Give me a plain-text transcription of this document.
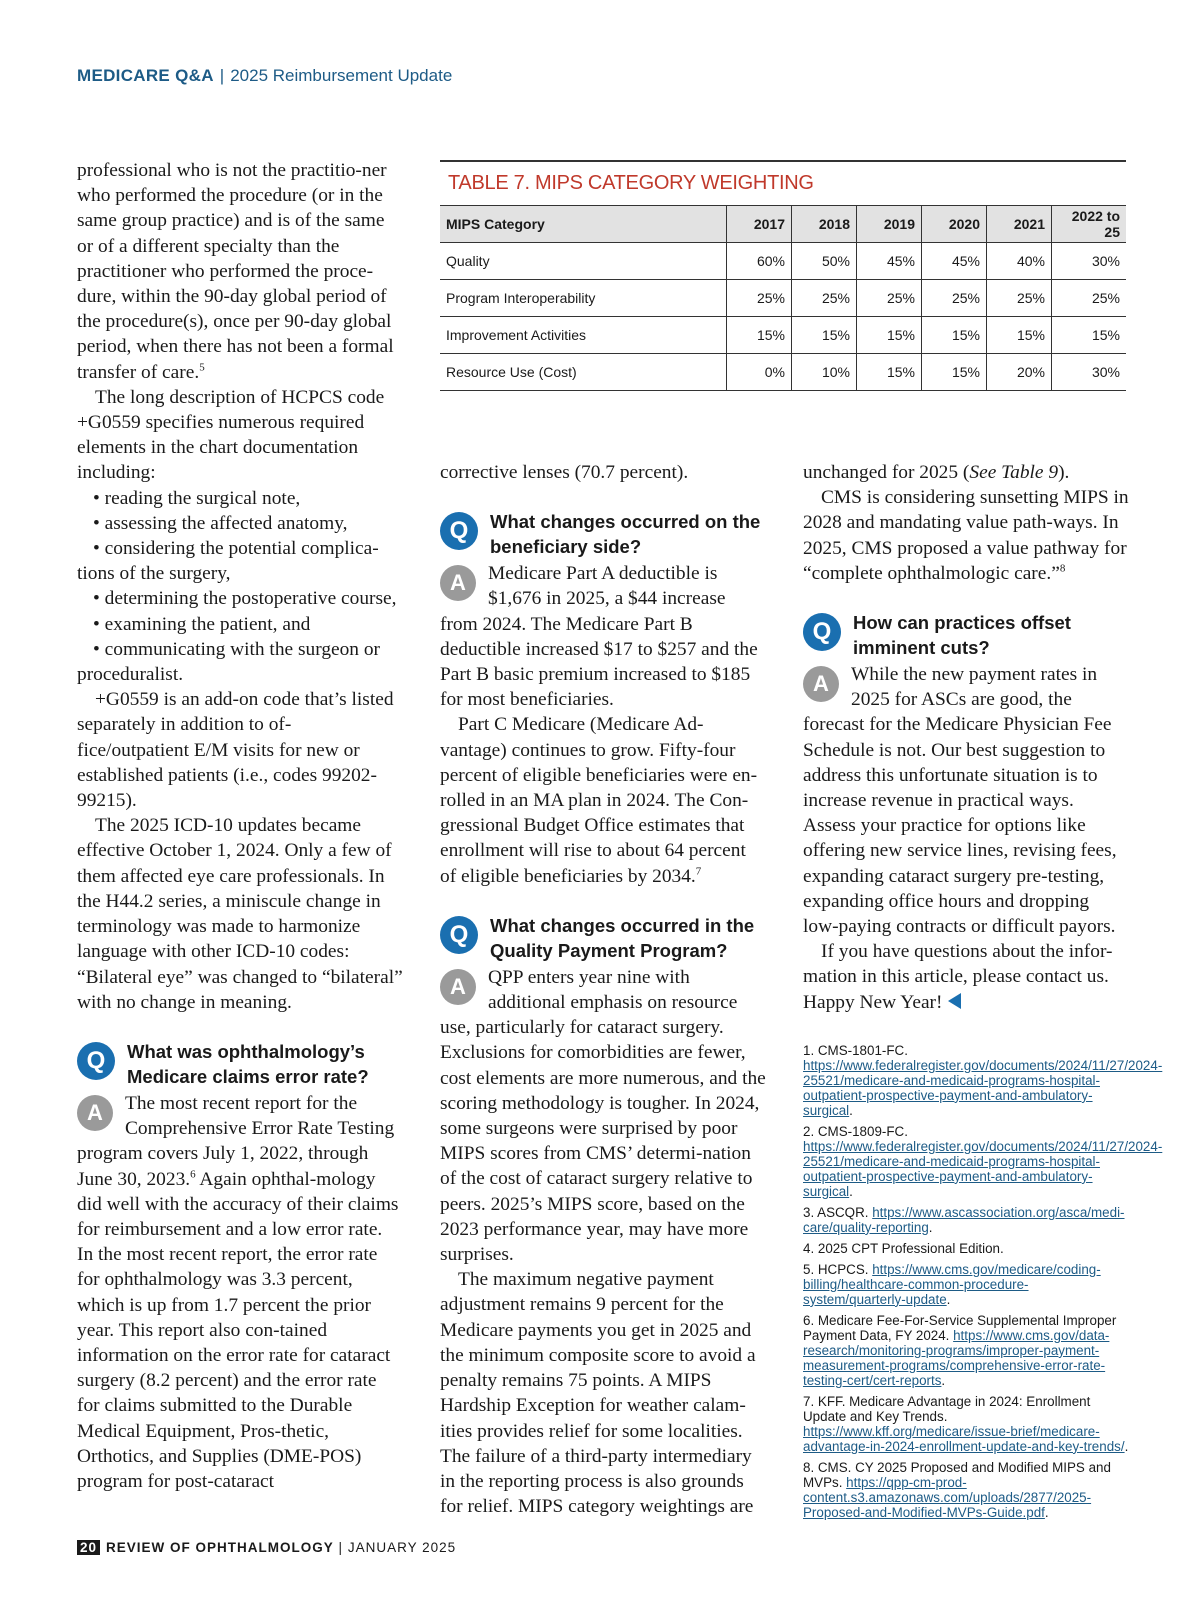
MEDICARE Q&A | 2025 Reimbursement Update
TABLE 7. MIPS CATEGORY WEIGHTING
MIPS Category	2017	2018	2019	2020	2021	2022 to 25
Quality	60%	50%	45%	45%	40%	30%
Program Interoperability	25%	25%	25%	25%	25%	25%
Improvement Activities	15%	15%	15%	15%	15%	15%
Resource Use (Cost)	0%	10%	15%	15%	20%	30%

professional who is not the practitio-ner who performed the procedure (or in the same group practice) and is of the same or of a different specialty than the practitioner who performed the proce-dure, within the 90-day global period of the procedure(s), once per 90-day global period, when there has not been a formal transfer of care.$^5$

The long description of HCPCS code +G0559 specifies numerous required elements in the chart documentation including:

• reading the surgical note,

• assessing the affected anatomy,

• considering the potential complica-tions of the surgery,

• determining the postoperative course,

• examining the patient, and

• communicating with the surgeon or proceduralist.

+G0559 is an add-on code that’s listed separately in addition to of-fice/outpatient E/M visits for new or established patients (i.e., codes 99202-99215).

The 2025 ICD-10 updates became effective October 1, 2024. Only a few of them affected eye care professionals. In the H44.2 series, a miniscule change in terminology was made to harmonize language with other ICD-10 codes: “Bilateral eye” was changed to “bilateral” with no change in meaning.

Q	What was ophthalmology’s Medicare claims error rate?

A	The most recent report for the Comprehensive Error Rate Testing program covers July 1, 2022, through June 30, 2023.$^6$ Again ophthal-mology did well with the accuracy of their claims for reimbursement and a low error rate. In the most recent report, the error rate for ophthalmology was 3.3 percent, which is up from 1.7 percent the prior year. This report also con-tained information on the error rate for cataract surgery (8.2 percent) and the error rate for claims submitted to the Durable Medical Equipment, Pros-thetic, Orthotics, and Supplies (DME-POS) program for post-cataract

corrective lenses (70.7 percent).

Q	What changes occurred on the beneficiary side?

A	Medicare Part A deductible is $1,676 in 2025, a $44 increase from 2024. The Medicare Part B deductible increased $17 to $257 and the Part B basic premium increased to $185 for most beneficiaries.

Part C Medicare (Medicare Ad-vantage) continues to grow. Fifty-four percent of eligible beneficiaries were en-rolled in an MA plan in 2024. The Con-gressional Budget Office estimates that enrollment will rise to about 64 percent of eligible beneficiaries by 2034.$^7$

Q	What changes occurred in the Quality Payment Program?

A	QPP enters year nine with additional emphasis on resource use, particularly for cataract surgery. Exclusions for comorbidities are fewer, cost elements are more numerous, and the scoring methodology is tougher. In 2024, some surgeons were surprised by poor MIPS scores from CMS’ determi-nation of the cost of cataract surgery relative to peers. 2025’s MIPS score, based on the 2023 performance year, may have more surprises.

The maximum negative payment adjustment remains 9 percent for the Medicare payments you get in 2025 and the minimum composite score to avoid a penalty remains 75 points. A MIPS Hardship Exception for weather calam-ities provides relief for some localities. The failure of a third-party intermediary in the reporting process is also grounds for relief. MIPS category weightings are

unchanged for 2025 (See Table 9).

CMS is considering sunsetting MIPS in 2028 and mandating value path-ways. In 2025, CMS proposed a value pathway for “complete ophthalmologic care.”$^8$

Q	How can practices offset imminent cuts?

A	While the new payment rates in 2025 for ASCs are good, the forecast for the Medicare Physician Fee Schedule is not. Our best suggestion to address this unfortunate situation is to increase revenue in practical ways. Assess your practice for options like offering new service lines, revising fees, expanding cataract surgery pre-testing, expanding office hours and dropping low-paying contracts or difficult payors.

If you have questions about the infor-mation in this article, please contact us. Happy New Year!

1. CMS-1801-FC. https://www.federalregister.gov/documents/2024/11/27/2024-25521/medicare-and-medicaid-programs-hospital-outpatient-prospective-payment-and-ambulatory-surgical.
2. CMS-1809-FC. https://www.federalregister.gov/documents/2024/11/27/2024-25521/medicare-and-medicaid-programs-hospital-outpatient-prospective-payment-and-ambulatory-surgical.
3. ASCQR. https://www.ascassociation.org/asca/medi-care/quality-reporting.
4. 2025 CPT Professional Edition.
5. HCPCS. https://www.cms.gov/medicare/coding-billing/healthcare-common-procedure-system/quarterly-update.
6. Medicare Fee-For-Service Supplemental Improper Payment Data, FY 2024. https://www.cms.gov/data-research/monitoring-programs/improper-payment-measurement-programs/comprehensive-error-rate-testing-cert/cert-reports.
7. KFF. Medicare Advantage in 2024: Enrollment Update and Key Trends. https://www.kff.org/medicare/issue-brief/medicare-advantage-in-2024-enrollment-update-and-key-trends/.
8. CMS. CY 2025 Proposed and Modified MIPS and MVPs. https://qpp-cm-prod-content.s3.amazonaws.com/uploads/2877/2025-Proposed-and-Modified-MVPs-Guide.pdf.
20 REVIEW OF OPHTHALMOLOGY | JANUARY 2025
